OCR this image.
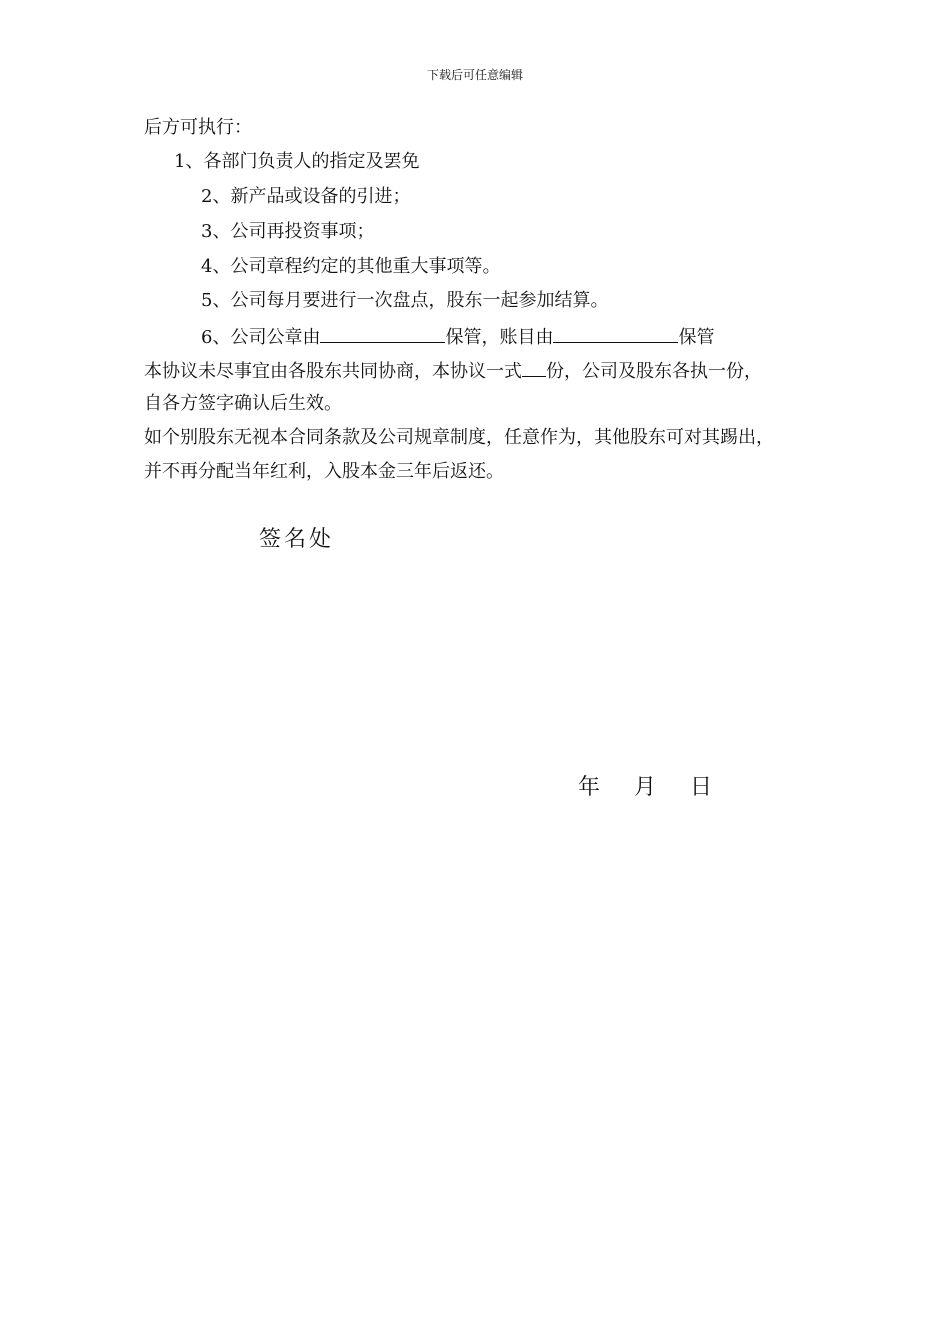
下载后可任意编辑
后方可执行：
1、各部门负责人的指定及罢免
2、新产品或设备的引进；
3、公司再投资事项；
4、公司章程约定的其他重大事项等。
5、公司每月要进行一次盘点，股东一起参加结算。
6、公司公章由	保管，账目由	保管
本协议未尽事宜由各股东共同协商，本协议一式 份，公司及股东各执一份，
自各方签字确认后生效。
如个别股东无视本合同条款及公司规章制度，任意作为，其他股东可对其踢出，
并不再分配当年红利，入股本金三年后返还。
签名处
年 月 日
